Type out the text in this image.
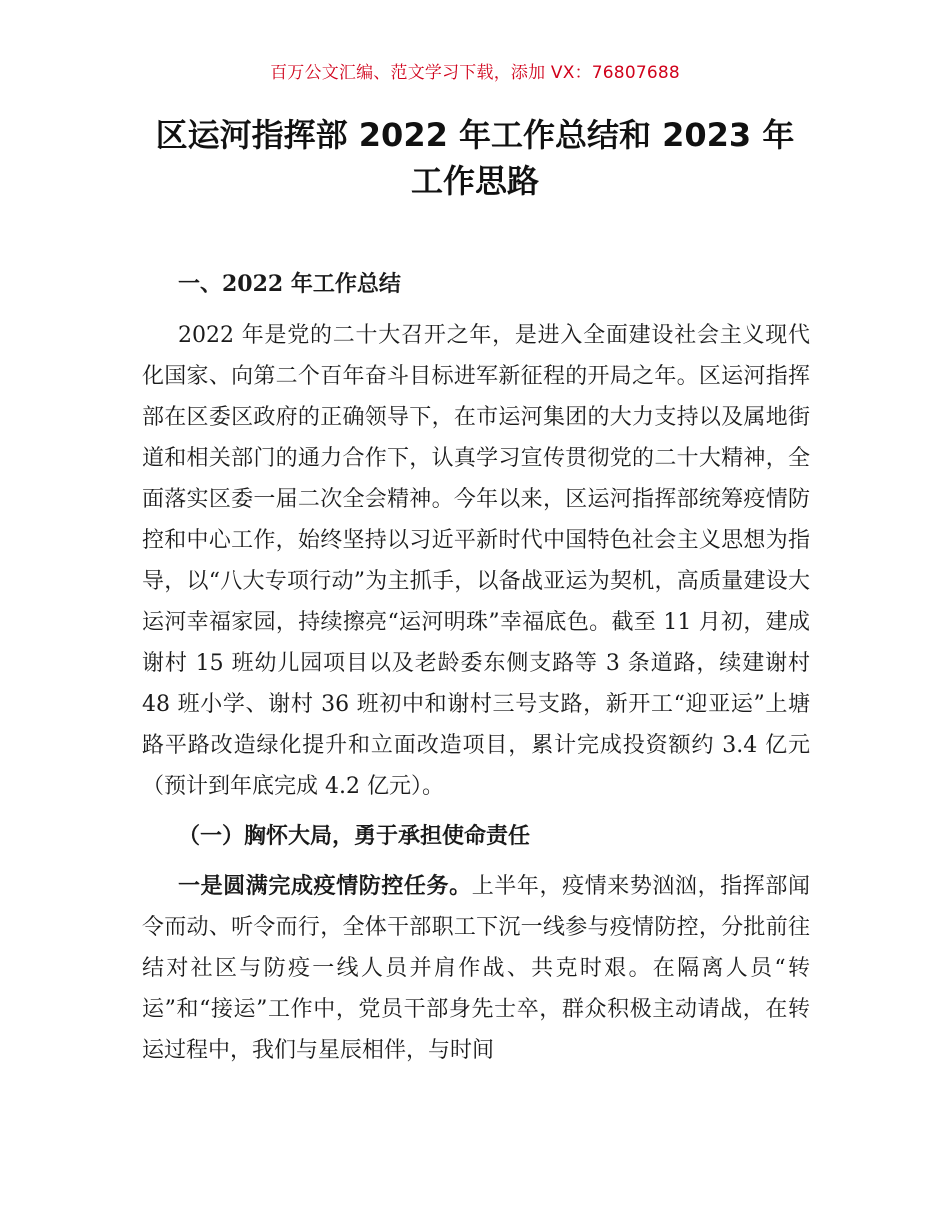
百万公文汇编、范文学习下载，添加 VX：76807688
区运河指挥部 2022 年工作总结和 2023 年
工作思路

一、2022 年工作总结

2022 年是党的二十大召开之年，是进入全面建设社会主义现代化国家、向第二个百年奋斗目标进军新征程的开局之年。区运河指挥部在区委区政府的正确领导下，在市运河集团的大力支持以及属地街道和相关部门的通力合作下，认真学习宣传贯彻党的二十大精神，全面落实区委一届二次全会精神。今年以来，区运河指挥部统筹疫情防控和中心工作，始终坚持以习近平新时代中国特色社会主义思想为指导，以“八大专项行动”为主抓手，以备战亚运为契机，高质量建设大运河幸福家园，持续擦亮“运河明珠”幸福底色。截至 11 月初，建成谢村 15 班幼儿园项目以及老龄委东侧支路等 3 条道路，续建谢村 48 班小学、谢村 36 班初中和谢村三号支路，新开工“迎亚运”上塘路平路改造绿化提升和立面改造项目，累计完成投资额约 3.4 亿元（预计到年底完成 4.2 亿元）。

（一）胸怀大局，勇于承担使命责任

一是圆满完成疫情防控任务。上半年，疫情来势汹汹，指挥部闻令而动、听令而行，全体干部职工下沉一线参与疫情防控，分批前往结对社区与防疫一线人员并肩作战、共克时艰。在隔离人员“转运”和“接运”工作中，党员干部身先士卒，群众积极主动请战，在转运过程中，我们与星辰相伴，与时间
